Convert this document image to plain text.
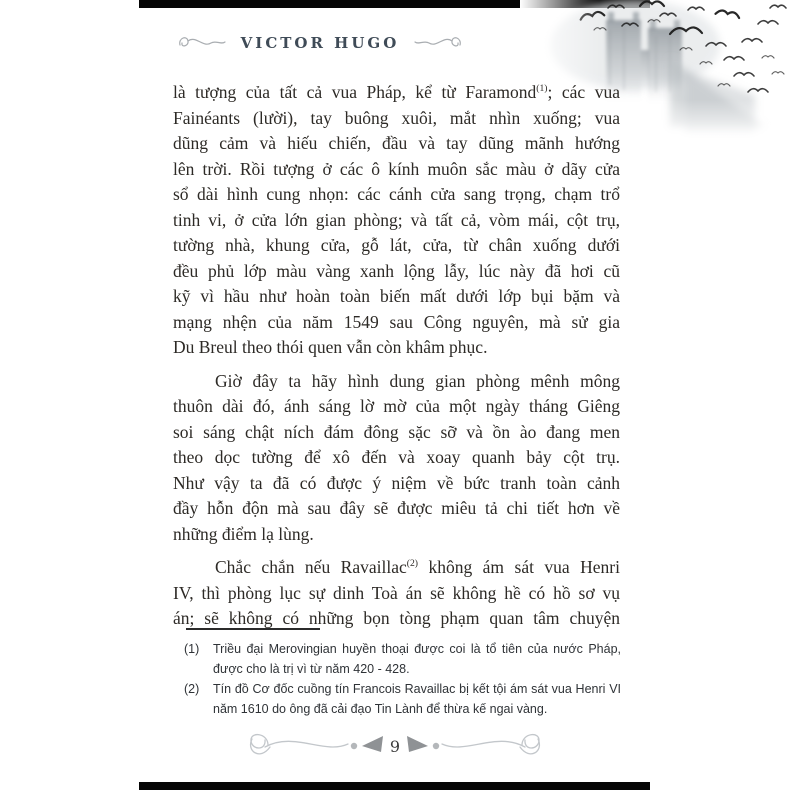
VICTOR HUGO
là tượng của tất cả vua Pháp, kể từ Faramond$^{(1)}$; các vua
Fainéants (lười), tay buông xuôi, mắt nhìn xuống; vua
dũng cảm và hiếu chiến, đầu và tay dũng mãnh hướng
lên trời. Rồi tượng ở các ô kính muôn sắc màu ở dãy cửa
sổ dài hình cung nhọn: các cánh cửa sang trọng, chạm trổ
tinh vi, ở cửa lớn gian phòng; và tất cả, vòm mái, cột trụ,
tường nhà, khung cửa, gỗ lát, cửa, từ chân xuống dưới
đều phủ lớp màu vàng xanh lộng lẫy, lúc này đã hơi cũ
kỹ vì hầu như hoàn toàn biến mất dưới lớp bụi bặm và
mạng nhện của năm 1549 sau Công nguyên, mà sử gia
Du Breul theo thói quen vẫn còn khâm phục.
Giờ đây ta hãy hình dung gian phòng mênh mông
thuôn dài đó, ánh sáng lờ mờ của một ngày tháng Giêng
soi sáng chật ních đám đông sặc sỡ và ồn ào đang men
theo dọc tường để xô đến và xoay quanh bảy cột trụ.
Như vậy ta đã có được ý niệm về bức tranh toàn cảnh
đầy hỗn độn mà sau đây sẽ được miêu tả chi tiết hơn về
những điểm lạ lùng.
Chắc chắn nếu Ravaillac$^{(2)}$ không ám sát vua Henri
IV, thì phòng lục sự dinh Toà án sẽ không hề có hồ sơ vụ
án; sẽ không có những bọn tòng phạm quan tâm chuyện
(1)	Triều đại Merovingian huyền thoại được coi là tổ tiên của nước Pháp,
được cho là trị vì từ năm 420 - 428.
(2)	Tín đồ Cơ đốc cuồng tín Francois Ravaillac bị kết tội ám sát vua Henri VI
năm 1610 do ông đã cải đạo Tin Lành để thừa kế ngai vàng.
9
